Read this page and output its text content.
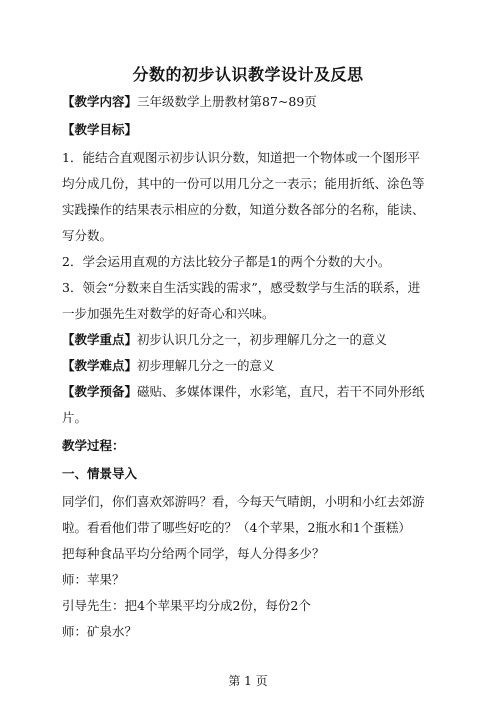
分数的初步认识教学设计及反思
【教学内容】三年级数学上册教材第87~89页
【教学目标】
1．能结合直观图示初步认识分数，知道把一个物体或一个图形平
均分成几份，其中的一份可以用几分之一表示；能用折纸、涂色等
实践操作的结果表示相应的分数，知道分数各部分的名称，能读、
写分数。
2．学会运用直观的方法比较分子都是1的两个分数的大小。
3．领会“分数来自生活实践的需求”，感受数学与生活的联系，进
一步加强先生对数学的好奇心和兴味。
【教学重点】初步认识几分之一，初步理解几分之一的意义
【教学难点】初步理解几分之一的意义
【教学预备】磁贴、多媒体课件，水彩笔，直尺，若干不同外形纸
片。
教学过程：
一、情景导入
同学们，你们喜欢郊游吗？看，今每天气晴朗，小明和小红去郊游
啦。看看他们带了哪些好吃的？（4个苹果，2瓶水和1个蛋糕）
把每种食品平均分给两个同学，每人分得多少？
师：苹果？
引导先生：把4个苹果平均分成2份，每份2个
师：矿泉水？
第 1 页
